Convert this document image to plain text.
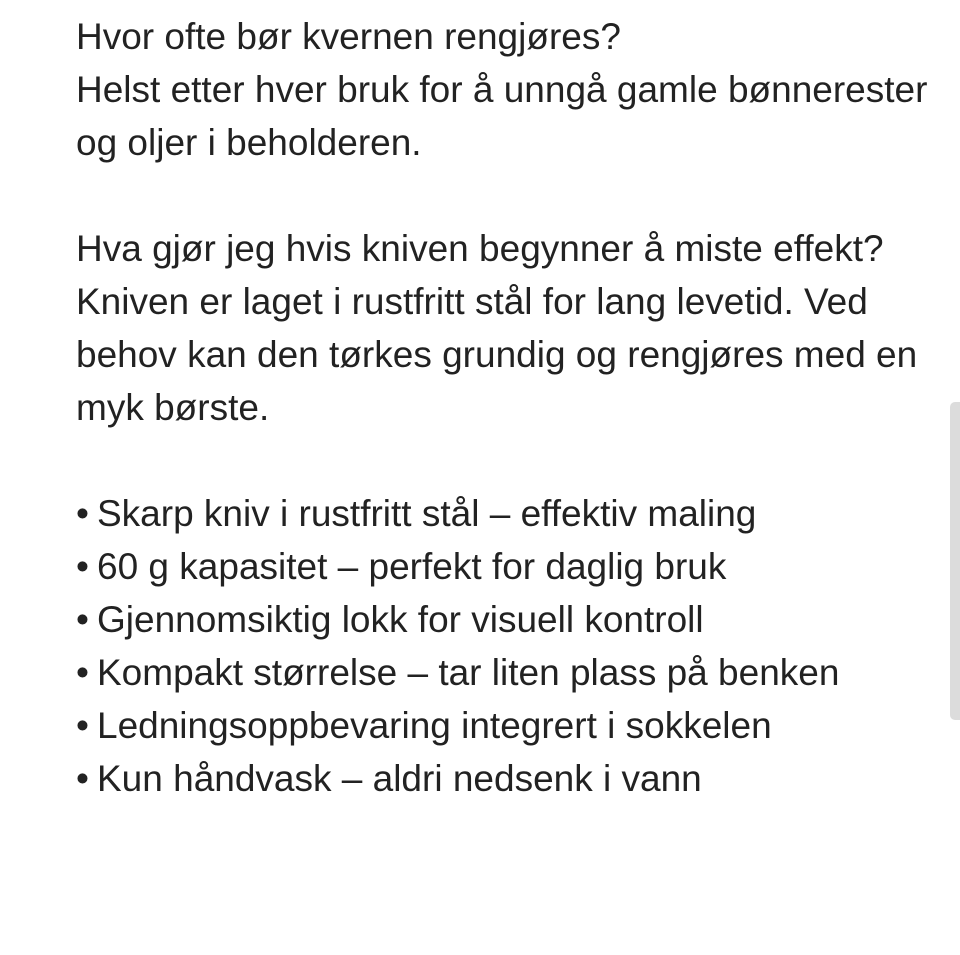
Hvor ofte bør kvernen rengjøres?

Helst etter hver bruk for å unngå gamle bønnerester og oljer i beholderen.

Hva gjør jeg hvis kniven begynner å miste effekt?

Kniven er laget i rustfritt stål for lang levetid. Ved behov kan den tørkes grundig og rengjøres med en myk børste.

• Skarp kniv i rustfritt stål – effektiv maling
• 60 g kapasitet – perfekt for daglig bruk
• Gjennomsiktig lokk for visuell kontroll
• Kompakt størrelse – tar liten plass på benken
• Ledningsoppbevaring integrert i sokkelen
• Kun håndvask – aldri nedsenk i vann
